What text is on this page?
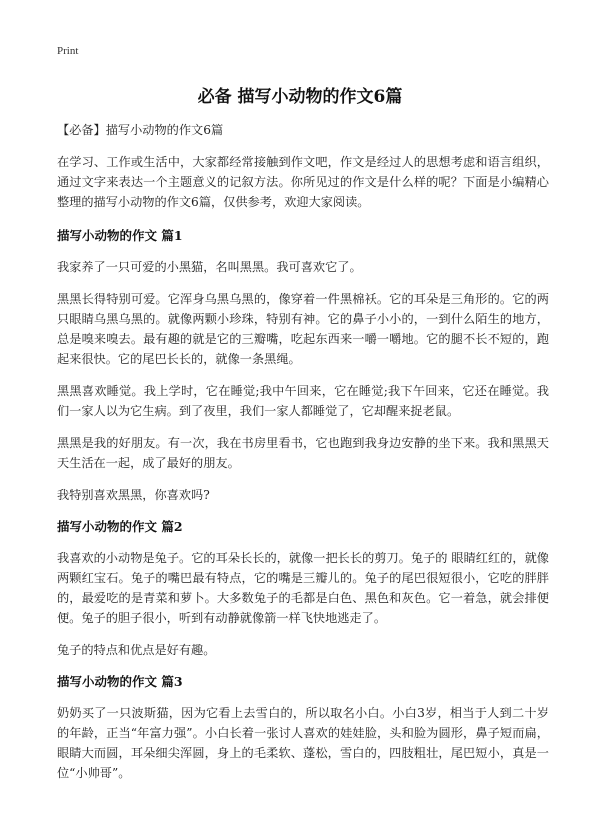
Print
必备 描写小动物的作文6篇

【必备】描写小动物的作文6篇

在学习、工作或生活中，大家都经常接触到作文吧，作文是经过人的思想考虑和语言组织，通过文字来表达一个主题意义的记叙方法。你所见过的作文是什么样的呢？下面是小编精心整理的描写小动物的作文6篇，仅供参考，欢迎大家阅读。

描写小动物的作文 篇1

我家养了一只可爱的小黑猫，名叫黑黑。我可喜欢它了。

黑黑长得特别可爱。它浑身乌黑乌黑的，像穿着一件黑棉袄。它的耳朵是三角形的。它的两只眼睛乌黑乌黑的。就像两颗小珍珠，特别有神。它的鼻子小小的，一到什么陌生的地方，总是嗅来嗅去。最有趣的就是它的三瓣嘴，吃起东西来一嚼一嚼地。它的腿不长不短的，跑起来很快。它的尾巴长长的，就像一条黑绳。

黑黑喜欢睡觉。我上学时，它在睡觉;我中午回来，它在睡觉;我下午回来，它还在睡觉。我们一家人以为它生病。到了夜里，我们一家人都睡觉了，它却醒来捉老鼠。

黑黑是我的好朋友。有一次，我在书房里看书，它也跑到我身边安静的坐下来。我和黑黑天天生活在一起，成了最好的朋友。

我特别喜欢黑黑，你喜欢吗?

描写小动物的作文 篇2

我喜欢的小动物是兔子。它的耳朵长长的，就像一把长长的剪刀。兔子的 眼睛红红的，就像两颗红宝石。兔子的嘴巴最有特点，它的嘴是三瓣儿的。兔子的尾巴很短很小，它吃的胖胖的，最爱吃的是青菜和萝卜。大多数兔子的毛都是白色、黑色和灰色。它一着急，就会排便便。兔子的胆子很小，听到有动静就像箭一样飞快地逃走了。

兔子的特点和优点是好有趣。

描写小动物的作文 篇3

奶奶买了一只波斯猫，因为它看上去雪白的，所以取名小白。小白3岁，相当于人到二十岁的年龄，正当“年富力强”。小白长着一张讨人喜欢的娃娃脸，头和脸为圆形，鼻子短而扁，眼睛大而圆，耳朵细尖浑圆，身上的毛柔软、蓬松，雪白的，四肢粗壮，尾巴短小，真是一位“小帅哥”。
